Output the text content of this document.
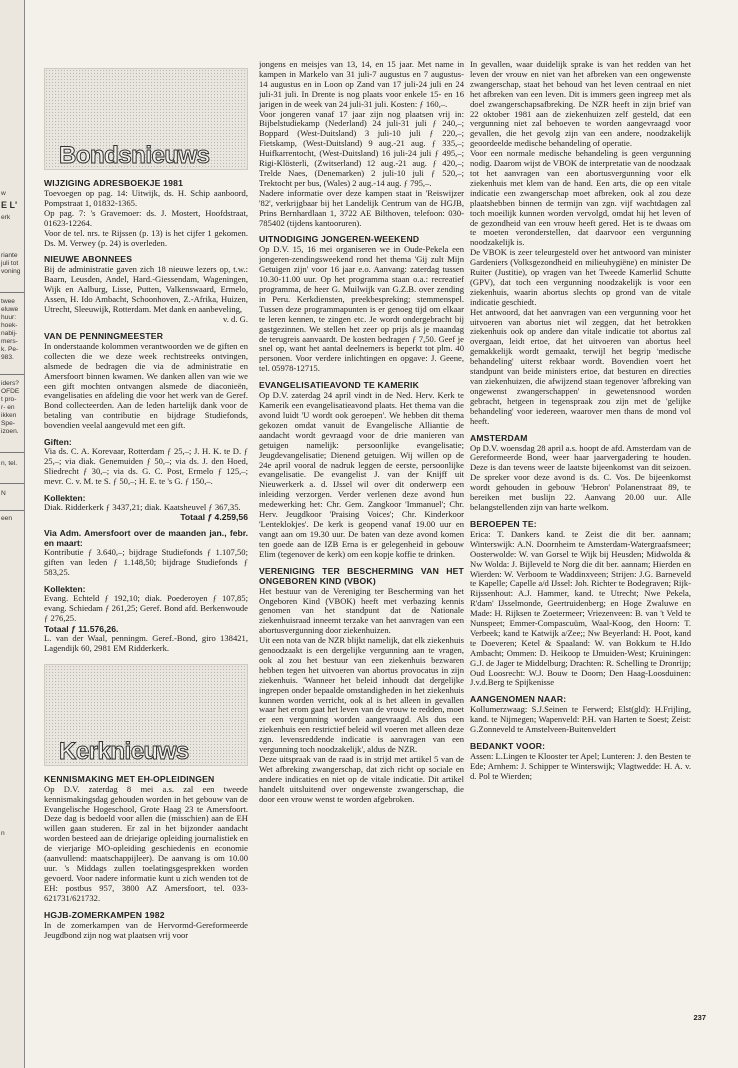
w
E L'
erk
riante
juli tot
voning
twee
eluwe
huur:
hoek-
nabij-
mers-
k. Pe-
983.
iders?
OFDE
t pro-
r- en
ikken
Spe-
izoen.
n, tel.
N
een
n
Bondsnieuws
WIJZIGING ADRESBOEKJE 1981

Toevoegen op pag. 14: Uitwijk, ds. H. Schip aanboord, Pompstraat 1, 01832-1365.

Op pag. 7: 's Gravemoer: ds. J. Mostert, Hoofdstraat, 01623-12264.

Voor de tel. nrs. te Rijssen (p. 13) is het cijfer 1 gekomen. Ds. M. Verwey (p. 24) is overleden.

NIEUWE ABONNEES

Bij de administratie gaven zich 18 nieuwe lezers op, t.w.: Baarn, Leusden, Andel, Hard.-Giessendam, Wageningen, Wijk en Aalburg, Lisse, Putten, Valkenswaard, Ermelo, Assen, H. Ido Ambacht, Schoonhoven, Z.-Afrika, Huizen, Utrecht, Sleeuwijk, Rotterdam. Met dank en aanbeveling,

v. d. G.

VAN DE PENNINGMEESTER

In onderstaande kolommen verantwoorden we de giften en collecten die we deze week rechtstreeks ontvingen, alsmede de bedragen die via de administratie en Amersfoort binnen kwamen. We danken allen van wie we een gift mochten ontvangen alsmede de diaconieën, evangelisaties en afdeling die voor het werk van de Geref. Bond collecteerden. Aan de leden hartelijk dank voor de betaling van contributie en bijdrage Studiefonds, bovendien veelal aangevuld met een gift.

Giften:

Via ds. C. A. Korevaar, Rotterdam ƒ 25,–; J. H. K. te D. ƒ 25,–; via diak. Genemuiden ƒ 50,–; via ds. J. den Hoed, Sliedrecht ƒ 30,–; via ds. G. C. Post, Ermelo ƒ 125,–; mevr. C. v. M. te S. ƒ 50,–; H. E. te 's G. ƒ 150,–.

Kollekten:

Diak. Ridderkerk ƒ 3437,21; diak. Kaatsheuvel ƒ 367,35.

Totaal ƒ 4.259,56

Via Adm. Amersfoort over de maanden jan., febr. en maart:

Kontributie ƒ 3.640,–; bijdrage Studiefonds ƒ 1.107,50; giften van leden ƒ 1.148,50; bijdrage Studiefonds ƒ 583,25.

Kollekten:

Evang. Echteld ƒ 192,10; diak. Poederoyen ƒ 107,85; evang. Schiedam ƒ 261,25; Geref. Bond afd. Berkenwoude ƒ 276,25.

Totaal ƒ 11.576,26.

L. van der Waal, penningm. Geref.-Bond, giro 138421, Lagendijk 60, 2981 EM Ridderkerk.

Kerknieuws
KENNISMAKING MET EH-OPLEIDINGEN

Op D.V. zaterdag 8 mei a.s. zal een tweede kennismakingsdag gehouden worden in het gebouw van de Evangelische Hogeschool, Grote Haag 23 te Amersfoort. Deze dag is bedoeld voor allen die (misschien) aan de EH willen gaan studeren. Er zal in het bijzonder aandacht worden besteed aan de driejarige opleiding journalistiek en de vierjarige MO-opleiding geschiedenis en economie (aanvullend: maatschappijleer). De aanvang is om 10.00 uur. 's Middags zullen toelatingsgesprekken worden gevoerd. Voor nadere informatie kunt u zich wenden tot de EH: postbus 957, 3800 AZ Amersfoort, tel. 033-621731/621732.

HGJB-ZOMERKAMPEN 1982

In de zomerkampen van de Hervormd-Gereformeerde Jeugdbond zijn nog wat plaatsen vrij voor

jongens en meisjes van 13, 14, en 15 jaar. Met name in kampen in Markelo van 31 juli-7 augustus en 7 augustus-14 augustus en in Loon op Zand van 17 juli-24 juli en 24 juli-31 juli. In Drente is nog plaats voor enkele 15- en 16 jarigen in de week van 24 juli-31 juli. Kosten: ƒ 160,–.

Voor jongeren vanaf 17 jaar zijn nog plaatsen vrij in: Bijbelstudiekamp (Nederland) 24 juli-31 juli ƒ 240,–; Boppard (West-Duitsland) 3 juli-10 juli ƒ 220,–; Fietskamp, (West-Duitsland) 9 aug.-21 aug. ƒ 335,–; Huifkarrentocht, (West-Duitsland) 16 juli-24 juli ƒ 495,–; Rigi-Klösterli, (Zwitserland) 12 aug.-21 aug. ƒ 420,–; Trelde Naes, (Denemarken) 2 juli-10 juli ƒ 520,–; Trektocht per bus, (Wales) 2 aug.-14 aug. ƒ 795,–.

Nadere informatie over deze kampen staat in 'Reiswijzer '82', verkrijgbaar bij het Landelijk Centrum van de HGJB, Prins Bernhardlaan 1, 3722 AE Bilthoven, telefoon: 030-785402 (tijdens kantooruren).

UITNODIGING JONGEREN-WEEKEND

Op D.V. 15, 16 mei organiseren we in Oude-Pekela een jongeren-zendingsweekend rond het thema 'Gij zult Mijn Getuigen zijn' voor 16 jaar e.o. Aanvang: zaterdag tussen 10.30-11.00 uur. Op het programma staan o.a.: recreatief programma, de heer G. Muilwijk van G.Z.B. over zending in Peru. Kerkdiensten, preekbespreking; stemmenspel. Tussen deze programmapunten is er genoeg tijd om elkaar te leren kennen, te zingen etc. Je wordt ondergebracht bij gastgezinnen. We stellen het zeer op prijs als je maandag de terugreis aanvaardt. De kosten bedragen ƒ 7,50. Geef je snel op, want het aantal deelnemers is beperkt tot plm. 40 personen. Voor verdere inlichtingen en opgave: J. Geene, tel. 05978-12715.

EVANGELISATIEAVOND TE KAMERIK

Op D.V. zaterdag 24 april vindt in de Ned. Herv. Kerk te Kamerik een evangelisatieavond plaats. Het thema van die avond luidt 'U wordt ook geroepen'. We hebben dit thema gekozen omdat vanuit de Evangelische Alliantie de aandacht wordt gevraagd voor de drie manieren van getuigen namelijk: persoonlijke evangelisatie; Jeugdevangelisatie; Dienend getuigen. Wij willen op de 24e april vooral de nadruk leggen de eerste, persoonlijke evangelisatie. De evangelist J. van der Knijff uit Nieuwerkerk a. d. IJssel wil over dit onderwerp een inleiding verzorgen. Verder verlenen deze avond hun medewerking het: Chr. Gem. Zangkoor 'Immanuel'; Chr. Herv. Jeugdkoor 'Praising Voices'; Chr. Kinderkoor 'Lenteklokjes'. De kerk is geopend vanaf 19.00 uur en vangt aan om 19.30 uur. De baten van deze avond komen ten goede aan de IZB Erna is er gelegenheid in gebouw Elim (tegenover de kerk) om een kopje koffie te drinken.

VERENIGING TER BESCHERMING VAN HET ONGEBOREN KIND (VBOK)

Het bestuur van de Vereniging ter Bescherming van het Ongeboren Kind (VBOK) heeft met verbazing kennis genomen van het standpunt dat de Nationale ziekenhuisraad inneemt terzake van het aanvragen van een abortusvergunning door ziekenhuizen.

Uit een nota van de NZR blijkt namelijk, dat elk ziekenhuis genoodzaakt is een dergelijke vergunning aan te vragen, ook al zou het bestuur van een ziekenhuis bezwaren hebben tegen het uitvoeren van abortus provocatus in zijn ziekenhuis. 'Wanneer het beleid inhoudt dat dergelijke ingrepen onder bepaalde omstandigheden in het ziekenhuis kunnen worden verricht, ook al is het alleen in gevallen waar het erom gaat het leven van de vrouw te redden, moet er een vergunning worden aangevraagd. Als dus een ziekenhuis een restrictief beleid wil voeren met alleen deze zgn. levensreddende indicatie is aanvragen van een vergunning toch noodzakelijk', aldus de NZR.

Deze uitspraak van de raad is in strijd met artikel 5 van de Wet afbreking zwangerschap, dat zich richt op sociale en andere indicaties en niet op de vitale indicatie. Dit artikel handelt uitsluitend over ongewenste zwangerschap, die door een vrouw wenst te worden afgebroken.

In gevallen, waar duidelijk sprake is van het redden van het leven der vrouw en niet van het afbreken van een ongewenste zwangerschap, staat het behoud van het leven centraal en niet het afbreken van een leven. Dit is immers geen ingreep met als doel zwangerschapsafbreking. De NZR heeft in zijn brief van 22 oktober 1981 aan de ziekenhuizen zelf gesteld, dat een vergunning niet zal behoeven te worden aangevraagd voor gevallen, die het gevolg zijn van een andere, noodzakelijk geoordeelde medische behandeling of operatie.

Voor een normale medische behandeling is geen vergunning nodig. Daarom wijst de VBOK de interpretatie van de noodzaak tot het aanvragen van een abortusvergunning voor elk ziekenhuis met klem van de hand. Een arts, die op een vitale indicatie een zwangerschap moet afbreken, ook al zou deze plaatshebben binnen de termijn van zgn. vijf wachtdagen zal toch moeilijk kunnen worden vervolgd, omdat hij het leven of de gezondheid van een vrouw heeft gered. Het is te dwaas om te moeten veronderstellen, dat daarvoor een vergunning noodzakelijk is.

De VBOK is zeer teleurgesteld over het antwoord van minister Gardeniers (Volksgezondheid en milieuhygiëne) en minister De Ruiter (Justitie), op vragen van het Tweede Kamerlid Schutte (GPV), dat toch een vergunning noodzakelijk is voor een ziekenhuis, waarin abortus slechts op grond van de vitale indicatie geschiedt.

Het antwoord, dat het aanvragen van een vergunning voor het uitvoeren van abortus niet wil zeggen, dat het betrokken ziekenhuis ook op andere dan vitale indicatie tot abortus zal overgaan, leidt ertoe, dat het uitvoeren van abortus heel gemakkelijk wordt gemaakt, terwijl het begrip 'medische behandeling' uiterst rekbaar wordt. Bovendien voert het standpunt van beide ministers ertoe, dat besturen en directies van ziekenhuizen, die afwijzend staan tegenover 'afbreking van ongewenst zwangerschappen' in gewetensnood worden gebracht, hetgeen in tegenspraak zou zijn met de 'gelijke behandeling' voor iedereen, waarover men thans de mond vol heeft.

AMSTERDAM

Op D.V. woensdag 28 april a.s. hoopt de afd. Amsterdam van de Gereformeerde Bond, weer haar jaarvergadering te houden. Deze is dan tevens weer de laatste bijeenkomst van dit seizoen. De spreker voor deze avond is ds. C. Vos. De bijeenkomst wordt gehouden in gebouw 'Hebron' Polanenstraat 89, te bereiken met buslijn 22. Aanvang 20.00 uur. Alle belangstellenden zijn van harte welkom.

BEROEPEN TE:

Erica: T. Dankers kand. te Zeist die dit ber. aannam; Winterswijk: A.N. Doornheim te Amsterdam-Watergraafsmeer; Oosterwolde: W. van Gorsel te Wijk bij Heusden; Midwolda & Nw Wolda: J. Bijleveld te Norg die dit ber. aannam; Hierden en Wierden: W. Verboom te Waddinxveen; Strijen: J.G. Barneveld te Kapelle; Capelle a/d IJssel: Joh. Richter te Bodegraven; Rijk-Rijssenhout: A.J. Hammer, kand. te Utrecht; Nwe Pekela, R'dam' IJsselmonde, Geertruidenberg; en Hoge Zwaluwe en Made: H. Rijksen te Zoetermeer; Vriezenveen: B. van 't Veld te Nunspeet; Emmer-Compascuüm, Waal-Koog, den Hoorn: T. Verbeek; kand te Katwijk a/Zee;; Nw Beyerland: H. Poot, kand te Doeveren; Ketel & Spaaland: W. van Bokkum te H.Ido Ambacht; Ommen: D. Heikoop te IJmuiden-West; Kruiningen: G.J. de Jager te Middelburg; Drachten: R. Schelling te Dronrijp; Oud Loosrecht: W.J. Bouw te Doorn; Den Haag-Loosduinen: J.v.d.Berg te Spijkenisse

AANGENOMEN NAAR:

Kollumerzwaag: S.J.Seinen te Ferwerd; Elst(gld): H.Frijling, kand. te Nijmegen; Wapenveld: P.H. van Harten te Soest; Zeist: G.Zonneveld te Amstelveen-Buitenveldert

BEDANKT VOOR:

Assen: L.Lingen te Klooster ter Apel; Lunteren: J. den Besten te Ede; Arnhem: J. Schipper te Winterswijk; Vlagtwedde: H. A. v. d. Pol te Wierden;

237
